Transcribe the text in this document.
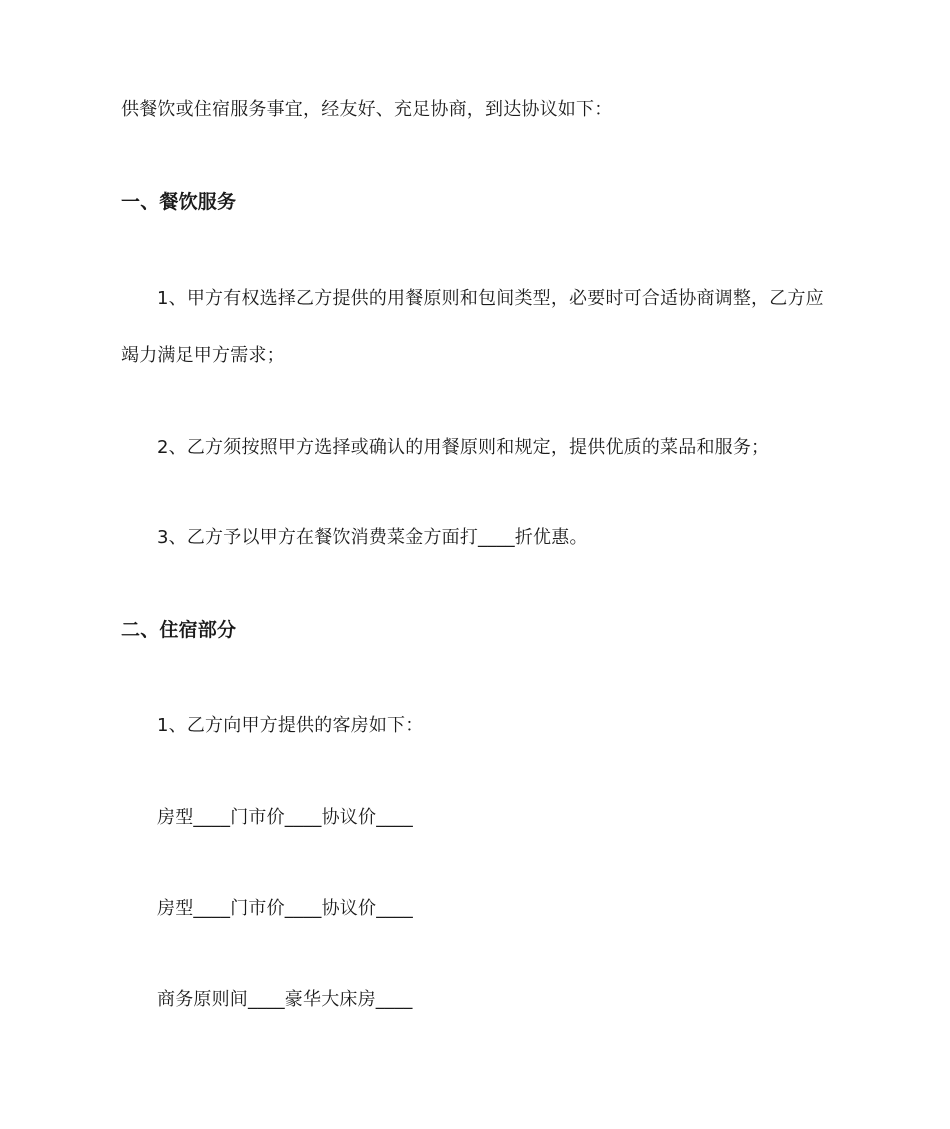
供餐饮或住宿服务事宜，经友好、充足协商，到达协议如下：
一、餐饮服务
1、甲方有权选择乙方提供的用餐原则和包间类型，必要时可合适协商调整，乙方应
竭力满足甲方需求；
2、乙方须按照甲方选择或确认的用餐原则和规定，提供优质的菜品和服务；
3、乙方予以甲方在餐饮消费菜金方面打____折优惠。
二、住宿部分
1、乙方向甲方提供的客房如下：
房型____门市价____协议价____
房型____门市价____协议价____
商务原则间____豪华大床房____
